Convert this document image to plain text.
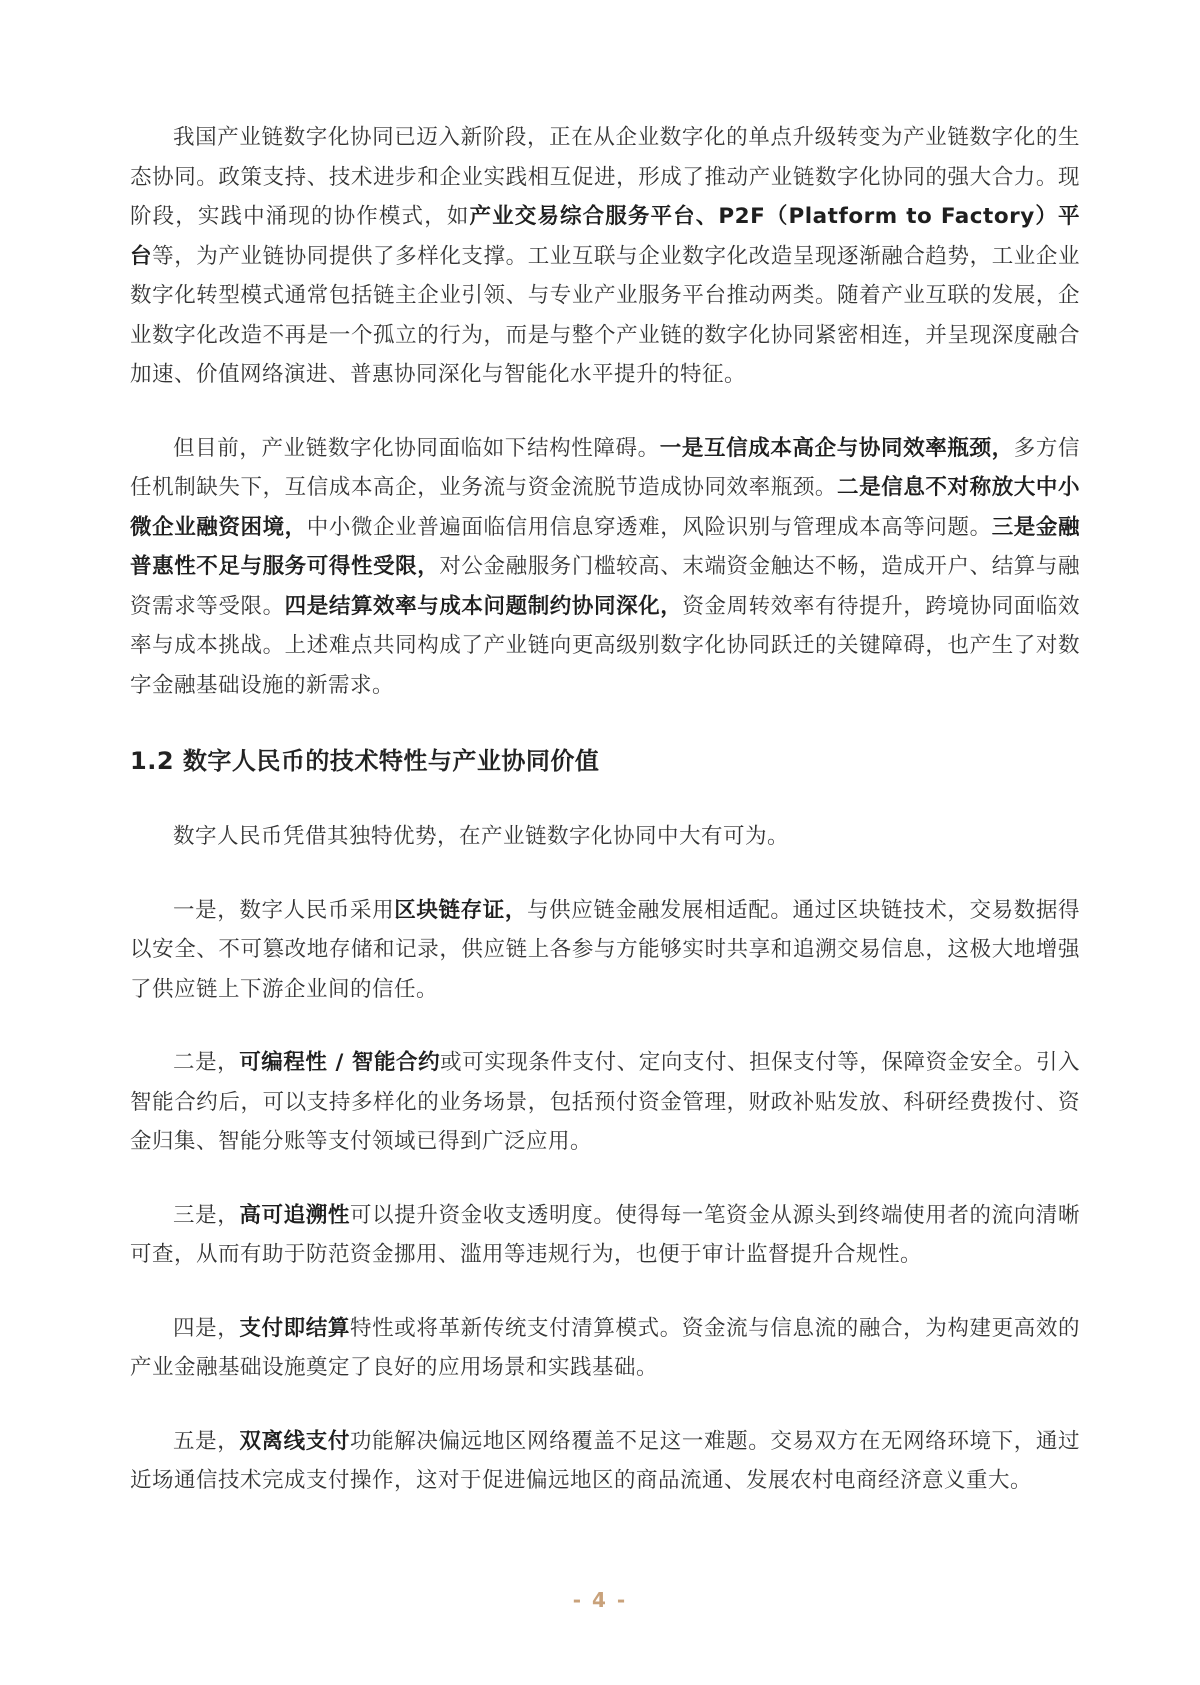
我国产业链数字化协同已迈入新阶段，正在从企业数字化的单点升级转变为产业链数字化的生态协同。政策支持、技术进步和企业实践相互促进，形成了推动产业链数字化协同的强大合力。现阶段，实践中涌现的协作模式，如产业交易综合服务平台、P2F（Platform to Factory）平台等，为产业链协同提供了多样化支撑。工业互联与企业数字化改造呈现逐渐融合趋势，工业企业数字化转型模式通常包括链主企业引领、与专业产业服务平台推动两类。随着产业互联的发展，企业数字化改造不再是一个孤立的行为，而是与整个产业链的数字化协同紧密相连，并呈现深度融合加速、价值网络演进、普惠协同深化与智能化水平提升的特征。

但目前，产业链数字化协同面临如下结构性障碍。一是互信成本高企与协同效率瓶颈，多方信任机制缺失下，互信成本高企，业务流与资金流脱节造成协同效率瓶颈。二是信息不对称放大中小微企业融资困境，中小微企业普遍面临信用信息穿透难，风险识别与管理成本高等问题。三是金融普惠性不足与服务可得性受限，对公金融服务门槛较高、末端资金触达不畅，造成开户、结算与融资需求等受限。四是结算效率与成本问题制约协同深化，资金周转效率有待提升，跨境协同面临效率与成本挑战。上述难点共同构成了产业链向更高级别数字化协同跃迁的关键障碍，也产生了对数字金融基础设施的新需求。

1.2 数字人民币的技术特性与产业协同价值

数字人民币凭借其独特优势，在产业链数字化协同中大有可为。

一是，数字人民币采用区块链存证，与供应链金融发展相适配。通过区块链技术，交易数据得以安全、不可篡改地存储和记录，供应链上各参与方能够实时共享和追溯交易信息，这极大地增强了供应链上下游企业间的信任。

二是，可编程性 / 智能合约或可实现条件支付、定向支付、担保支付等，保障资金安全。引入智能合约后，可以支持多样化的业务场景，包括预付资金管理，财政补贴发放、科研经费拨付、资金归集、智能分账等支付领域已得到广泛应用。

三是，高可追溯性可以提升资金收支透明度。使得每一笔资金从源头到终端使用者的流向清晰可查，从而有助于防范资金挪用、滥用等违规行为，也便于审计监督提升合规性。

四是，支付即结算特性或将革新传统支付清算模式。资金流与信息流的融合，为构建更高效的产业金融基础设施奠定了良好的应用场景和实践基础。

五是，双离线支付功能解决偏远地区网络覆盖不足这一难题。交易双方在无网络环境下，通过近场通信技术完成支付操作，这对于促进偏远地区的商品流通、发展农村电商经济意义重大。

- 4 -
